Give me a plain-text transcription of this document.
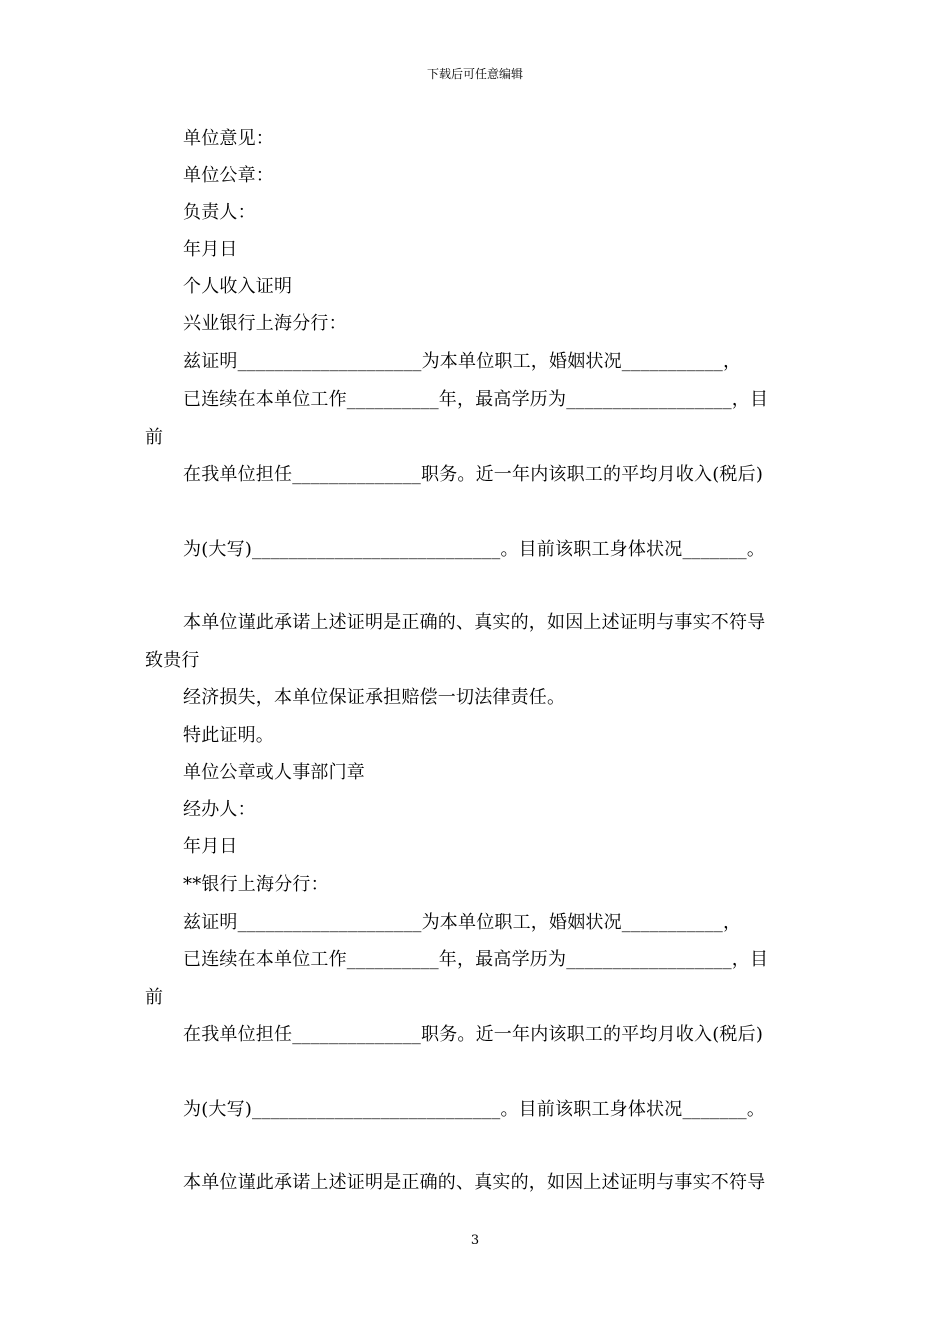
下载后可任意编辑
单位意见：
单位公章：
负责人：
年月日
个人收入证明
兴业银行上海分行：
兹证明____________________为本单位职工，婚姻状况___________，
已连续在本单位工作__________年，最高学历为__________________，目
前
在我单位担任______________职务。近一年内该职工的平均月收入(税后)
为(大写)___________________________。目前该职工身体状况_______。
本单位谨此承诺上述证明是正确的、真实的，如因上述证明与事实不符导
致贵行
经济损失，本单位保证承担赔偿一切法律责任。
特此证明。
单位公章或人事部门章
经办人：
年月日
**银行上海分行：
兹证明____________________为本单位职工，婚姻状况___________，
已连续在本单位工作__________年，最高学历为__________________，目
前
在我单位担任______________职务。近一年内该职工的平均月收入(税后)
为(大写)___________________________。目前该职工身体状况_______。
本单位谨此承诺上述证明是正确的、真实的，如因上述证明与事实不符导
3
